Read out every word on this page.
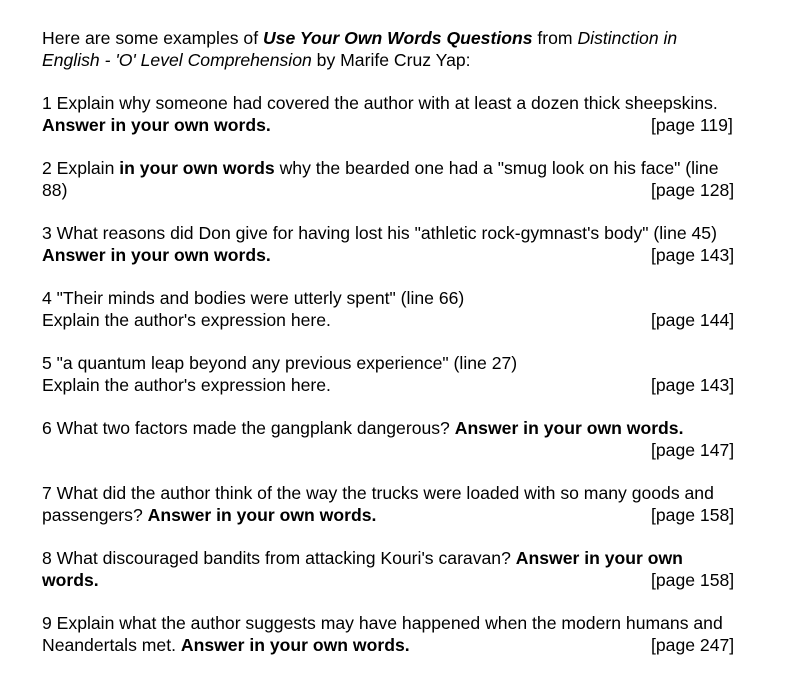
Here are some examples of Use Your Own Words Questions from Distinction in
English - 'O' Level Comprehension by Marife Cruz Yap:
1 Explain why someone had covered the author with at least a dozen thick sheepskins.
Answer in your own words.	[page 119]
2 Explain in your own words why the bearded one had a "smug look on his face" (line
88)	[page 128]
3 What reasons did Don give for having lost his "athletic rock-gymnast's body" (line 45)
Answer in your own words.	[page 143]
4 "Their minds and bodies were utterly spent" (line 66)
Explain the author's expression here.	[page 144]
5 "a quantum leap beyond any previous experience" (line 27)
Explain the author's expression here.	[page 143]
6 What two factors made the gangplank dangerous? Answer in your own words.
[page 147]
7 What did the author think of the way the trucks were loaded with so many goods and
passengers? Answer in your own words.	[page 158]
8 What discouraged bandits from attacking Kouri's caravan? Answer in your own
words.	[page 158]
9 Explain what the author suggests may have happened when the modern humans and
Neandertals met. Answer in your own words.	[page 247]
